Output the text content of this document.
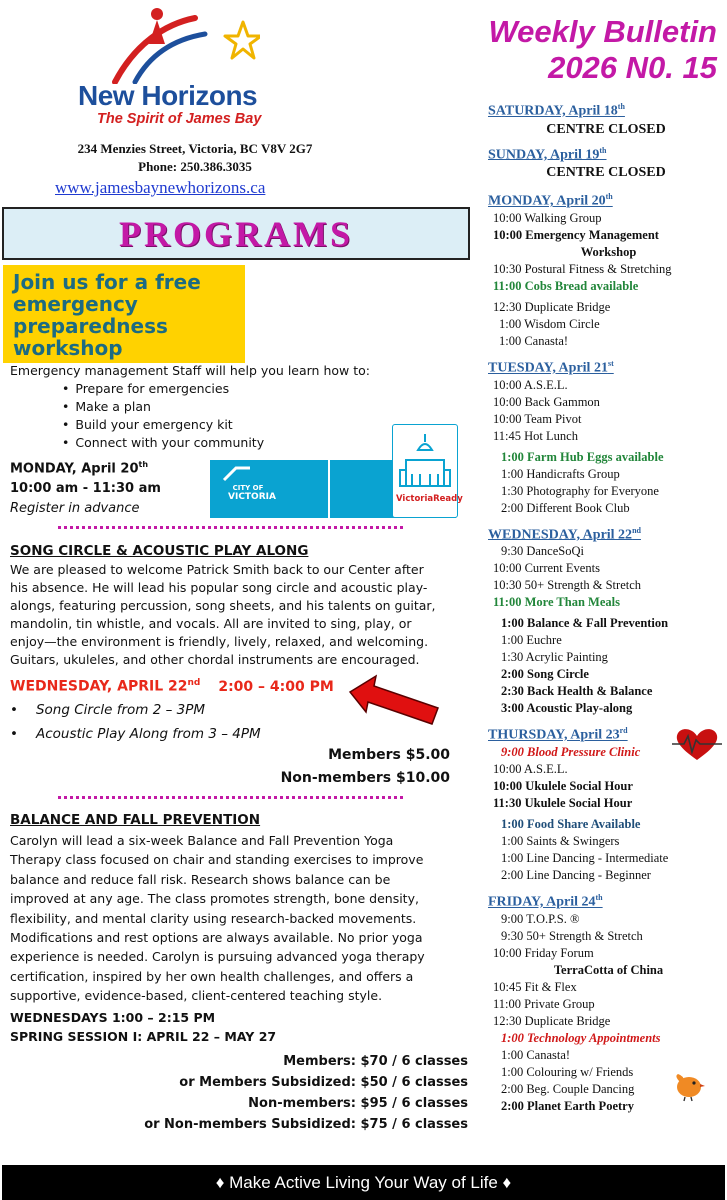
New Horizons
The Spirit of James Bay
234 Menzies Street, Victoria, BC V8V 2G7
Phone: 250.386.3035
www.jamesbaynewhorizons.ca
Weekly Bulletin
2026 N0. 15
PROGRAMS
Join us for a free
emergency
preparedness
workshop
Emergency management Staff will help you learn how to:
• Prepare for emergencies
• Make a plan
• Build your emergency kit
• Connect with your community
MONDAY, April 20th
10:00 am - 11:30 am
Register in advance
CITY OF
VICTORIA	VictoriaReady
SONG CIRCLE & ACOUSTIC PLAY ALONG
We are pleased to welcome Patrick Smith back to our Center after
his absence. He will lead his popular song circle and acoustic play-
alongs, featuring percussion, song sheets, and his talents on guitar,
mandolin, tin whistle, and vocals. All are invited to sing, play, or
enjoy—the environment is friendly, lively, relaxed, and welcoming.
Guitars, ukuleles, and other chordal instruments are encouraged.
WEDNESDAY, APRIL 22nd 2:00 – 4:00 PM
• Song Circle from 2 – 3PM
• Acoustic Play Along from 3 – 4PM
Members $5.00
Non-members $10.00
BALANCE AND FALL PREVENTION
Carolyn will lead a six-week Balance and Fall Prevention Yoga
Therapy class focused on chair and standing exercises to improve
balance and reduce fall risk. Research shows balance can be
improved at any age. The class promotes strength, bone density,
flexibility, and mental clarity using research-backed movements.
Modifications and rest options are always available. No prior yoga
experience is needed. Carolyn is pursuing advanced yoga therapy
certification, inspired by her own health challenges, and offers a
supportive, evidence-based, client-centered teaching style.
WEDNESDAYS 1:00 – 2:15 PM
SPRING SESSION I: APRIL 22 – MAY 27
Members: $70 / 6 classes
or Members Subsidized: $50 / 6 classes
Non-members: $95 / 6 classes
or Non-members Subsidized: $75 / 6 classes
SATURDAY, April 18th
CENTRE CLOSED
SUNDAY, April 19th
CENTRE CLOSED
MONDAY, April 20th
10:00 Walking Group
10:00 Emergency Management
Workshop
10:30 Postural Fitness & Stretching
11:00 Cobs Bread available
12:30 Duplicate Bridge
1:00 Wisdom Circle
1:00 Canasta!
TUESDAY, April 21st
10:00 A.S.E.L.
10:00 Back Gammon
10:00 Team Pivot
11:45 Hot Lunch
1:00 Farm Hub Eggs available
1:00 Handicrafts Group
1:30 Photography for Everyone
2:00 Different Book Club
WEDNESDAY, April 22nd
9:30 DanceSoQi
10:00 Current Events
10:30 50+ Strength & Stretch
11:00 More Than Meals
1:00 Balance & Fall Prevention
1:00 Euchre
1:30 Acrylic Painting
2:00 Song Circle
2:30 Back Health & Balance
3:00 Acoustic Play-along
THURSDAY, April 23rd
9:00 Blood Pressure Clinic
10:00 A.S.E.L.
10:00 Ukulele Social Hour
11:30 Ukulele Social Hour
1:00 Food Share Available
1:00 Saints & Swingers
1:00 Line Dancing - Intermediate
2:00 Line Dancing - Beginner
FRIDAY, April 24th
9:00 T.O.P.S. ®
9:30 50+ Strength & Stretch
10:00 Friday Forum
TerraCotta of China
10:45 Fit & Flex
11:00 Private Group
12:30 Duplicate Bridge
1:00 Technology Appointments
1:00 Canasta!
1:00 Colouring w/ Friends
2:00 Beg. Couple Dancing
2:00 Planet Earth Poetry
♦ Make Active Living Your Way of Life ♦
